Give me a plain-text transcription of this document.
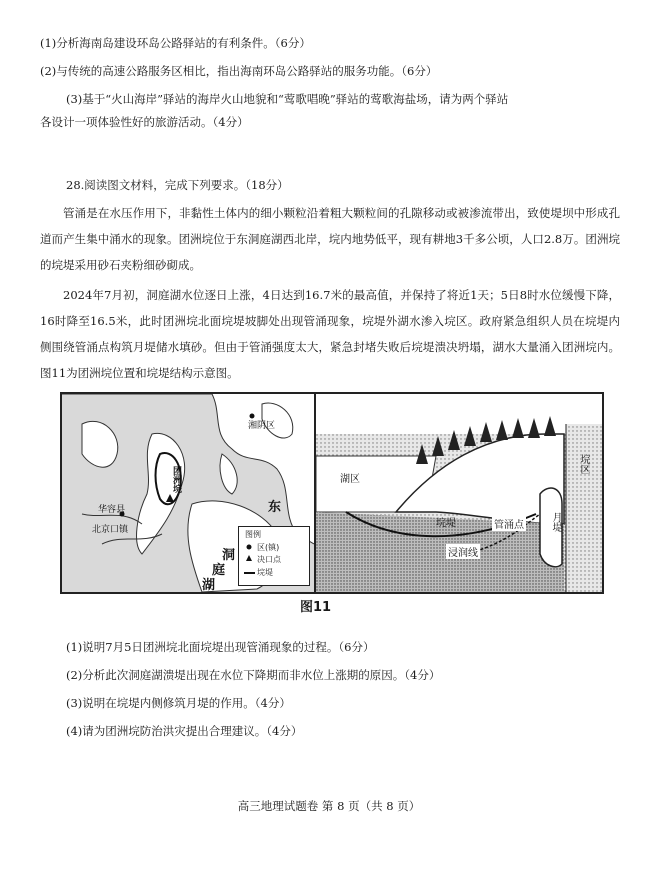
(1)分析海南岛建设环岛公路驿站的有利条件。（6分）
(2)与传统的高速公路服务区相比，指出海南环岛公路驿站的服务功能。（6分）
(3)基于“火山海岸”驿站的海岸火山地貌和“莺歌唱晚”驿站的莺歌海盐场，请为两个驿站
各设计一项体验性好的旅游活动。（4分）
28.阅读图文材料，完成下列要求。（18分）
管涌是在水压作用下，非黏性土体内的细小颗粒沿着粗大颗粒间的孔隙移动或被渗流带出，致使堤坝中形成孔道而产生集中涌水的现象。团洲垸位于东洞庭湖西北岸，垸内地势低平，现有耕地3千多公顷，人口2.8万。团洲垸的垸堤采用砂石夹粉细砂砌成。
2024年7月初，洞庭湖水位逐日上涨，4日达到16.7米的最高值，并保持了将近1天；5日8时水位缓慢下降，16时降至16.5米，此时团洲垸北面垸堤坡脚处出现管涌现象，垸堤外湖水渗入垸区。政府紧急组织人员在垸堤内侧围绕管涌点构筑月堤储水填砂。但由于管涌强度太大，紧急封堵失败后垸堤溃决坍塌，湖水大量涌入团洲垸内。图11为团洲垸位置和垸堤结构示意图。
湘阴区
团洲垸
华容县
北京口镇
东
洞
庭
湖
图例
区(镇)
决口点
垸堤
湖区
垸堤
浸润线
管涌点	月堤
垸区
图11
(1)说明7月5日团洲垸北面垸堤出现管涌现象的过程。（6分）
(2)分析此次洞庭湖溃堤出现在水位下降期而非水位上涨期的原因。（4分）
(3)说明在垸堤内侧修筑月堤的作用。（4分）
(4)请为团洲垸防治洪灾提出合理建议。（4分）
高三地理试题卷 第 8 页（共 8 页）
